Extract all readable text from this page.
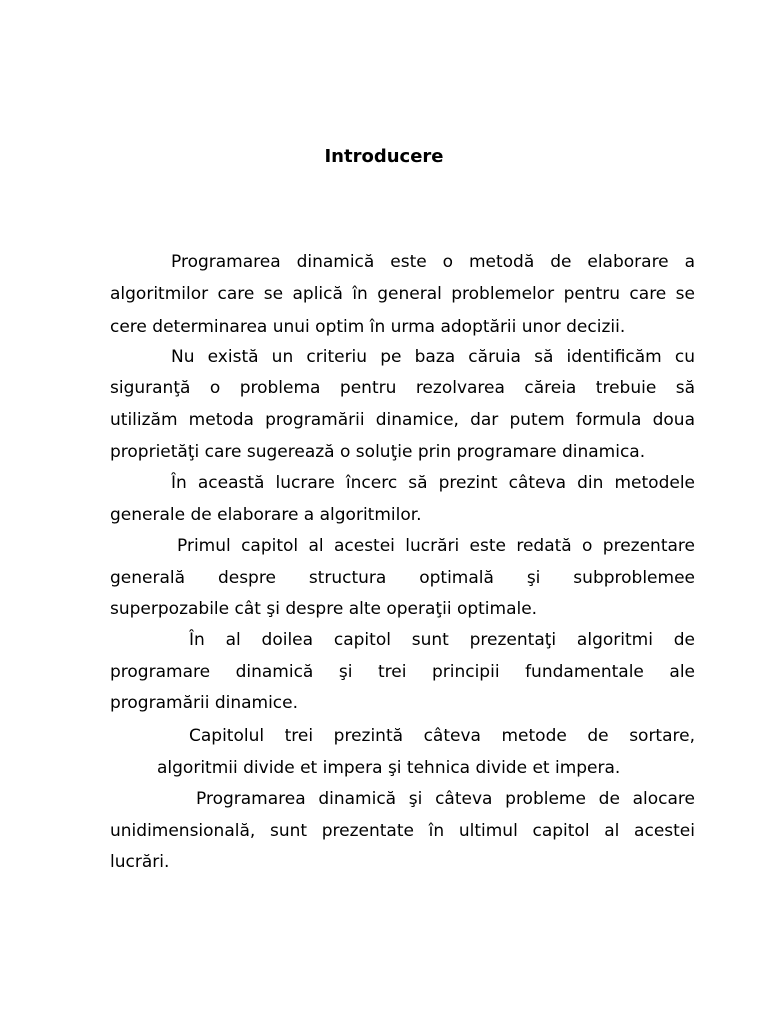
Introducere
Programarea dinamică este o metodă de elaborare a
algoritmilor care se aplică în general problemelor pentru care se
cere determinarea unui optim în urma adoptării unor decizii.
Nu există un criteriu pe baza căruia să identificăm cu
siguranţă o problema pentru rezolvarea căreia trebuie să
utilizăm metoda programării dinamice, dar putem formula doua
proprietăţi care sugerează o soluţie prin programare dinamica.
În această lucrare încerc să prezint câteva din metodele
generale de elaborare a algoritmilor.
Primul capitol al acestei lucrări este redată o prezentare
generală despre structura optimală şi subproblemee
superpozabile cât şi despre alte operaţii optimale.
În al doilea capitol sunt prezentaţi algoritmi de
programare dinamică şi trei principii fundamentale ale
programării dinamice.
Capitolul trei prezintă câteva metode de sortare,
algoritmii divide et impera şi tehnica divide et impera.
Programarea dinamică şi câteva probleme de alocare
unidimensională, sunt prezentate în ultimul capitol al acestei
lucrări.
